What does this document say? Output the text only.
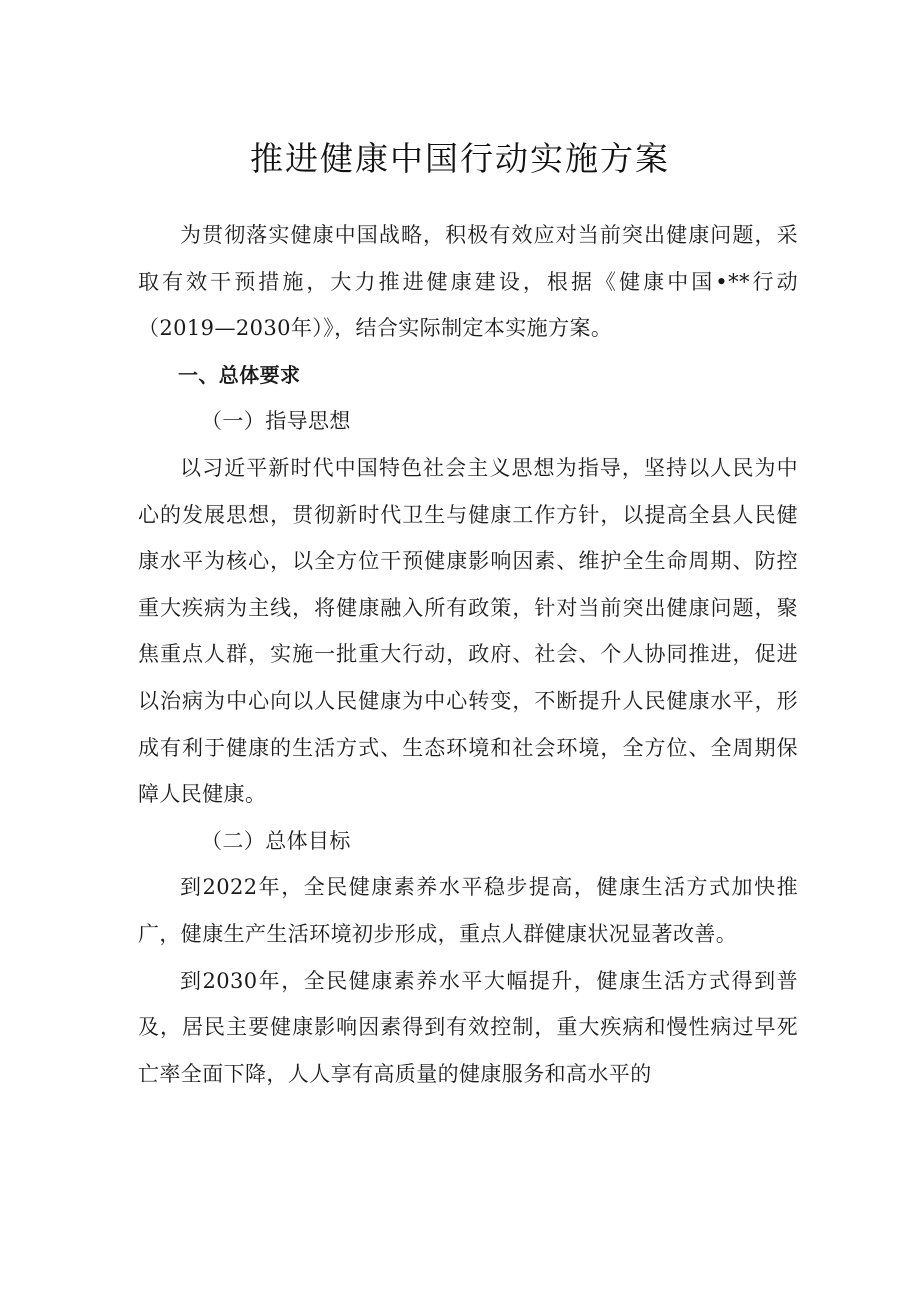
推进健康中国行动实施方案

为贯彻落实健康中国战略，积极有效应对当前突出健康问题，采取有效干预措施，大力推进健康建设，根据《健康中国•**行动（2019—2030年）》，结合实际制定本实施方案。

一、总体要求

（一）指导思想

以习近平新时代中国特色社会主义思想为指导，坚持以人民为中心的发展思想，贯彻新时代卫生与健康工作方针，以提高全县人民健康水平为核心，以全方位干预健康影响因素、维护全生命周期、防控重大疾病为主线，将健康融入所有政策，针对当前突出健康问题，聚焦重点人群，实施一批重大行动，政府、社会、个人协同推进，促进以治病为中心向以人民健康为中心转变，不断提升人民健康水平，形成有利于健康的生活方式、生态环境和社会环境，全方位、全周期保障人民健康。

（二）总体目标

到2022年，全民健康素养水平稳步提高，健康生活方式加快推广，健康生产生活环境初步形成，重点人群健康状况显著改善。

到2030年，全民健康素养水平大幅提升，健康生活方式得到普及，居民主要健康影响因素得到有效控制，重大疾病和慢性病过早死亡率全面下降，人人享有高质量的健康服务和高水平的
